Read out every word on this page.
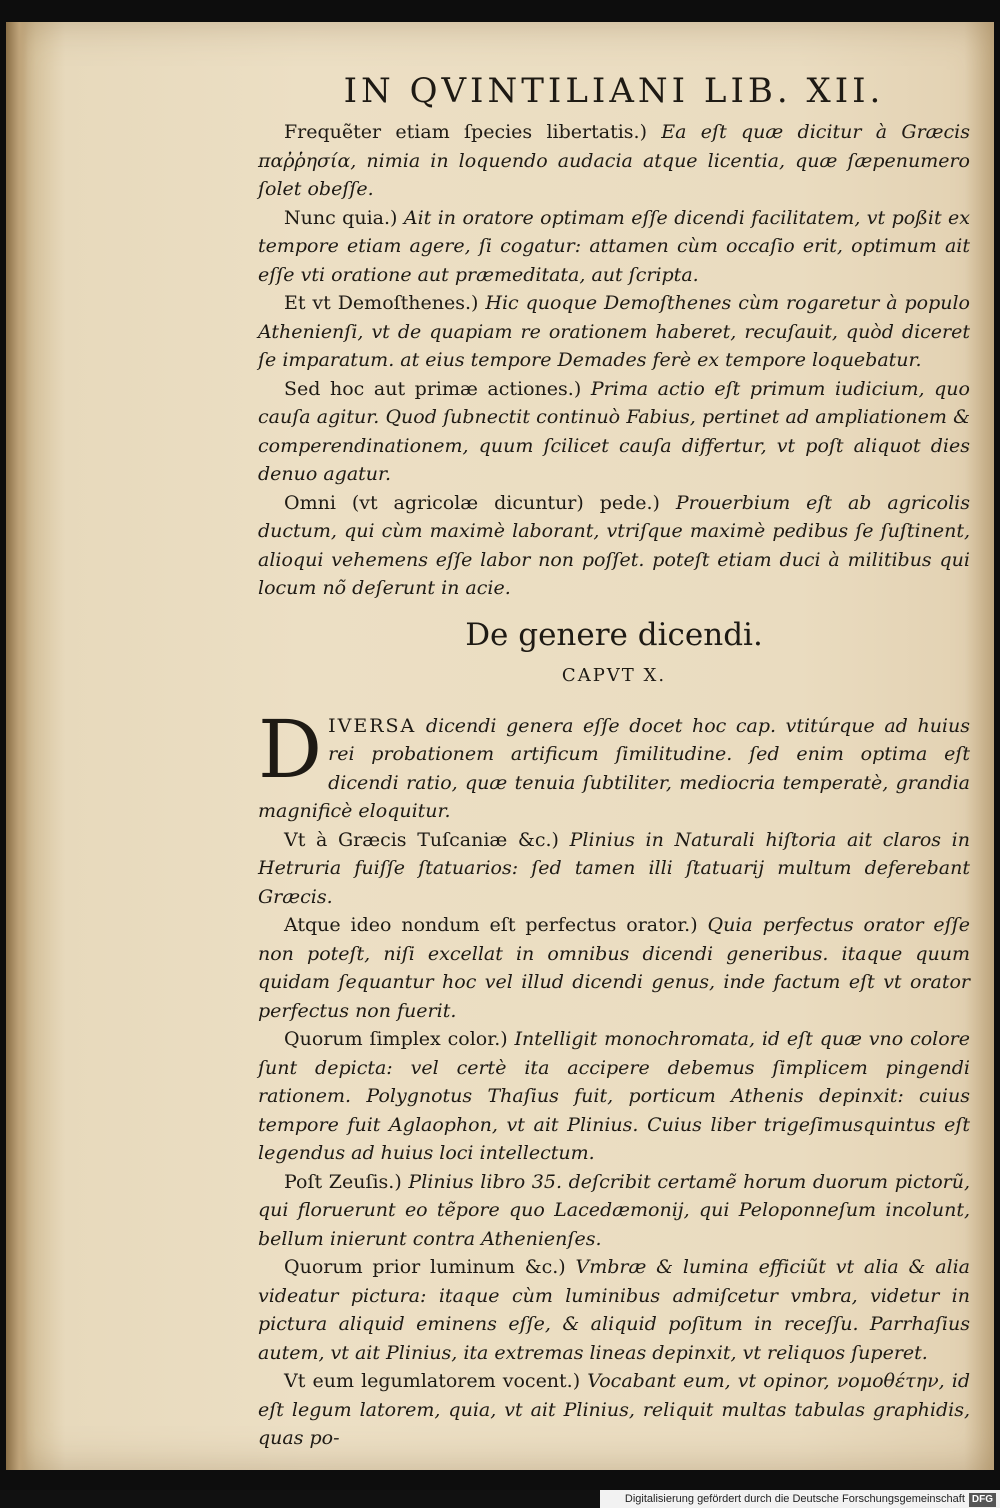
IN QVINTILIANI LIB. XII.

Frequẽter etiam ſpecies libertatis.) Ea eſt quæ dicitur à Græcis παῤῥησία, nimia in loquendo audacia atque licentia, quæ ſæpenumero ſolet obeſſe.

Nunc quia.) Ait in oratore optimam eſſe dicendi facilitatem, vt poßit ex tempore etiam agere, ſi cogatur: attamen cùm occaſio erit, optimum ait eſſe vti oratione aut præmeditata, aut ſcripta.

Et vt Demoſthenes.) Hic quoque Demoſthenes cùm rogaretur à populo Athenienſi, vt de quapiam re orationem haberet, recuſauit, quòd diceret ſe imparatum. at eius tempore Demades ferè ex tempore loquebatur.

Sed hoc aut primæ actiones.) Prima actio eſt primum iudicium, quo cauſa agitur. Quod ſubnectit continuò Fabius, pertinet ad ampliationem & comperendinationem, quum ſcilicet cauſa differtur, vt poſt aliquot dies denuo agatur.

Omni (vt agricolæ dicuntur) pede.) Prouerbium eſt ab agricolis ductum, qui cùm maximè laborant, vtriſque maximè pedibus ſe ſuſtinent, alioqui vehemens eſſe labor non poſſet. poteſt etiam duci à militibus qui locum nõ deſerunt in acie.

De genere dicendi.
CAPVT X.

DIVERSA dicendi genera eſſe docet hoc cap. vtitúrque ad huius rei probationem artificum ſimilitudine. ſed enim optima eſt dicendi ratio, quæ tenuia ſubtiliter, mediocria temperatè, grandia magnificè eloquitur.

Vt à Græcis Tuſcaniæ &c.) Plinius in Naturali hiſtoria ait claros in Hetruria fuiſſe ſtatuarios: ſed tamen illi ſtatuarij multum deferebant Græcis.

Atque ideo nondum eſt perfectus orator.) Quia perfectus orator eſſe non poteſt, niſi excellat in omnibus dicendi generibus. itaque quum quidam ſequantur hoc vel illud dicendi genus, inde factum eſt vt orator perfectus non fuerit.

Quorum ſimplex color.) Intelligit monochromata, id eſt quæ vno colore ſunt depicta: vel certè ita accipere debemus ſimplicem pingendi rationem. Polygnotus Thaſius fuit, porticum Athenis depinxit: cuius tempore fuit Aglaophon, vt ait Plinius. Cuius liber trigeſimusquintus eſt legendus ad huius loci intellectum.

Poſt Zeuſis.) Plinius libro 35. deſcribit certamẽ horum duorum pictorũ, qui floruerunt eo tẽpore quo Lacedæmonij, qui Peloponneſum incolunt, bellum inierunt contra Athenienſes.

Quorum prior luminum &c.) Vmbræ & lumina efficiũt vt alia & alia videatur pictura: itaque cùm luminibus admiſcetur vmbra, videtur in pictura aliquid eminens eſſe, & aliquid poſitum in receſſu. Parrhaſius autem, vt ait Plinius, ita extremas lineas depinxit, vt reliquos ſuperet.

Vt eum legumlatorem vocent.) Vocabant eum, vt opinor, νομοθέτην, id eſt legum latorem, quia, vt ait Plinius, reliquit multas tabulas graphidis, quas po-

Digitalisierung gefördert durch die Deutsche Forschungsgemeinschaft DFG
